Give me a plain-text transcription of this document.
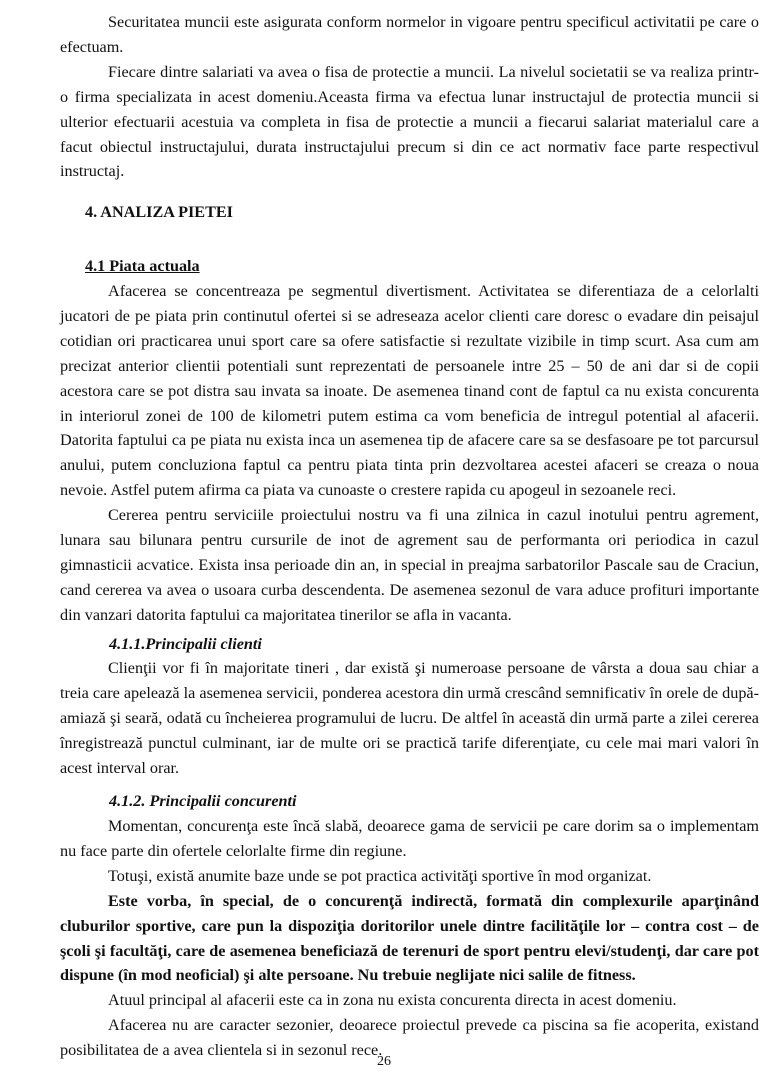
Securitatea muncii este asigurata conform normelor in vigoare pentru specificul activitatii pe care o efectuam.

Fiecare dintre salariati va avea o fisa de protectie a muncii. La nivelul societatii se va realiza printr-o firma specializata in acest domeniu.Aceasta firma va efectua lunar instructajul de protectia muncii si ulterior efectuarii acestuia va completa in fisa de protectie a muncii a fiecarui salariat materialul care a facut obiectul instructajului, durata instructajului precum si din ce act normativ face parte respectivul instructaj.

4. ANALIZA PIETEI

4.1 Piata actuala

Afacerea se concentreaza pe segmentul divertisment. Activitatea se diferentiaza de a celorlalti jucatori de pe piata prin continutul ofertei si se adreseaza acelor clienti care doresc o evadare din peisajul cotidian ori practicarea unui sport care sa ofere satisfactie si rezultate vizibile in timp scurt. Asa cum am precizat anterior clientii potentiali sunt reprezentati de persoanele intre 25 – 50 de ani dar si de copii acestora care se pot distra sau invata sa inoate. De asemenea tinand cont de faptul ca nu exista concurenta in interiorul zonei de 100 de kilometri putem estima ca vom beneficia de intregul potential al afacerii. Datorita faptului ca pe piata nu exista inca un asemenea tip de afacere care sa se desfasoare pe tot parcursul anului, putem concluziona faptul ca pentru piata tinta prin dezvoltarea acestei afaceri se creaza o noua nevoie. Astfel putem afirma ca piata va cunoaste o crestere rapida cu apogeul in sezoanele reci.

Cererea pentru serviciile proiectului nostru va fi una zilnica in cazul inotului pentru agrement, lunara sau bilunara pentru cursurile de inot de agrement sau de performanta ori periodica in cazul gimnasticii acvatice. Exista insa perioade din an, in special in preajma sarbatorilor Pascale sau de Craciun, cand cererea va avea o usoara curba descendenta. De asemenea sezonul de vara aduce profituri importante din vanzari datorita faptului ca majoritatea tinerilor se afla in vacanta.

4.1.1.Principalii clienti

Clienţii vor fi în majoritate tineri , dar există şi numeroase persoane de vârsta a doua sau chiar a treia care apelează la asemenea servicii, ponderea acestora din urmă crescând semnificativ în orele de după-amiază şi seară, odată cu încheierea programului de lucru. De altfel în această din urmă parte a zilei cererea înregistrează punctul culminant, iar de multe ori se practică tarife diferenţiate, cu cele mai mari valori în acest interval orar.

4.1.2. Principalii concurenti

Momentan, concurenţa este încă slabă, deoarece gama de servicii pe care dorim sa o implementam nu face parte din ofertele celorlalte firme din regiune.

Totuşi, există anumite baze unde se pot practica activităţi sportive în mod organizat.

Este vorba, în special, de o concurenţă indirectă, formată din complexurile aparţinând cluburilor sportive, care pun la dispoziţia doritorilor unele dintre facilităţile lor – contra cost – de şcoli şi facultăţi, care de asemenea beneficiază de terenuri de sport pentru elevi/studenţi, dar care pot dispune (în mod neoficial) şi alte persoane. Nu trebuie neglijate nici salile de fitness.

Atuul principal al afacerii este ca in zona nu exista concurenta directa in acest domeniu.

Afacerea nu are caracter sezonier, deoarece proiectul prevede ca piscina sa fie acoperita, existand posibilitatea de a avea clientela si in sezonul rece.

26
